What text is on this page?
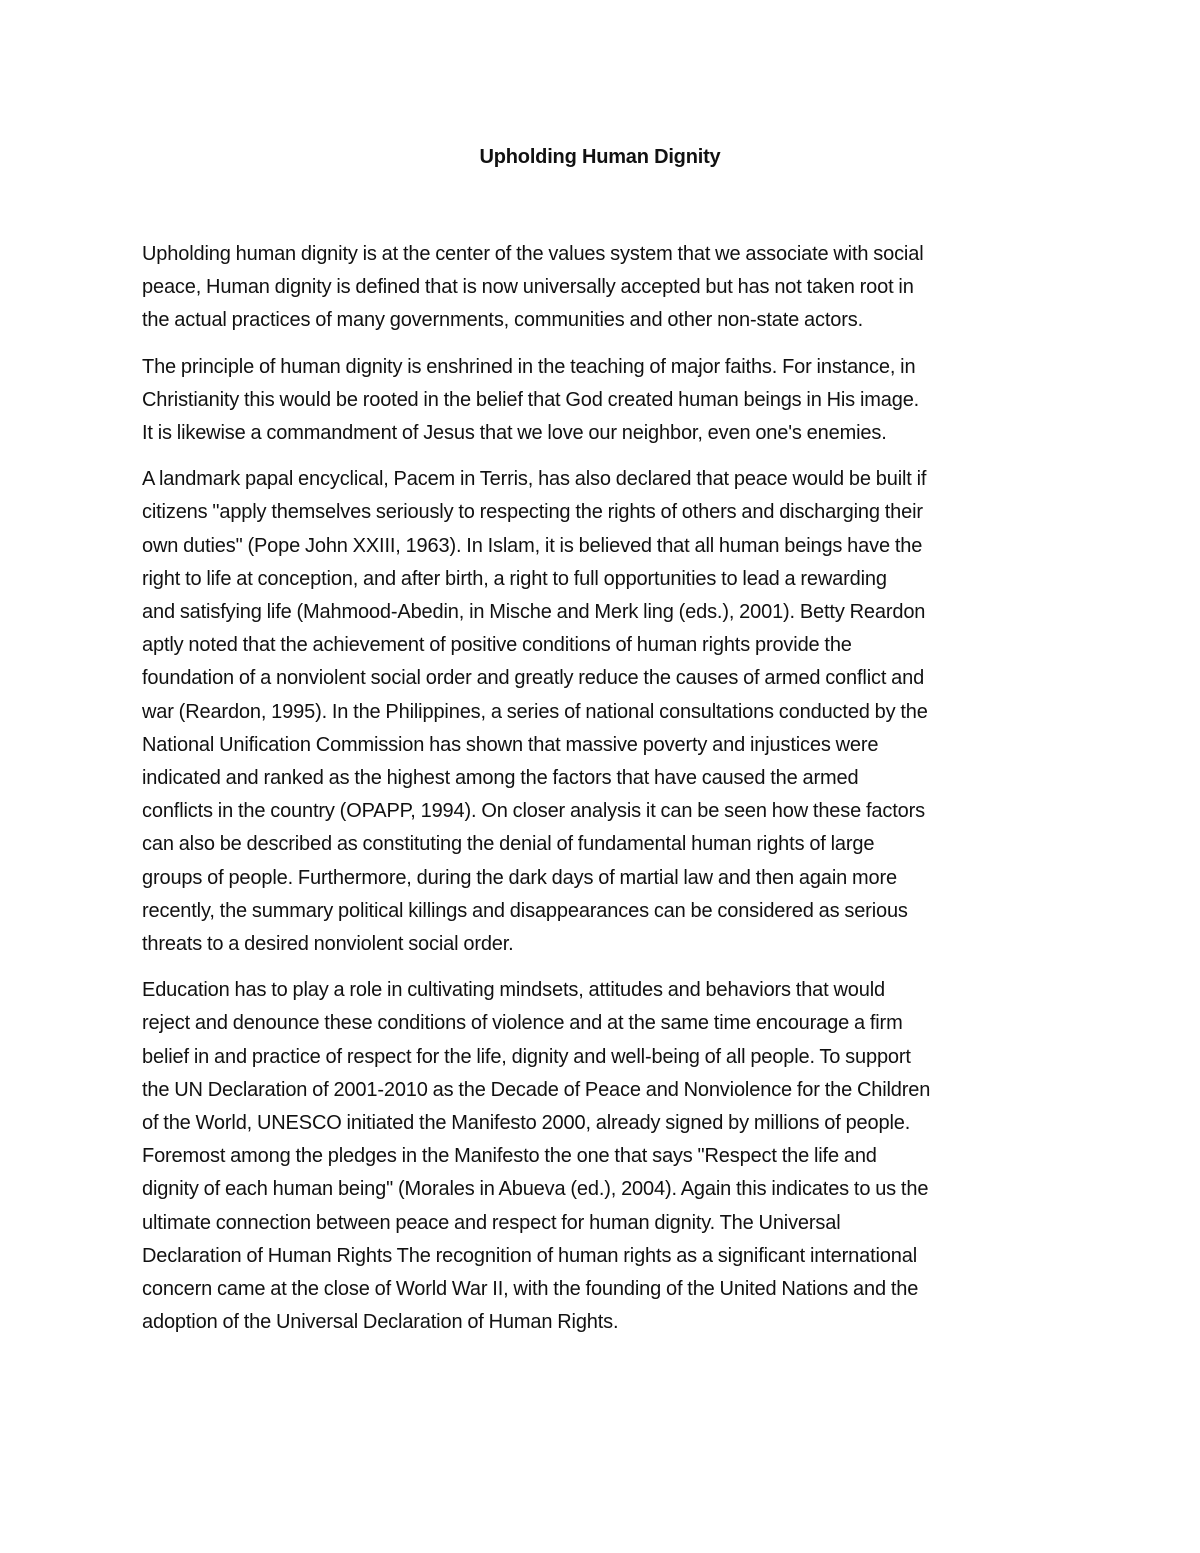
Upholding Human Dignity

Upholding human dignity is at the center of the values system that we associate with social
peace, Human dignity is defined that is now universally accepted but has not taken root in
the actual practices of many governments, communities and other non-state actors.

The principle of human dignity is enshrined in the teaching of major faiths. For instance, in
Christianity this would be rooted in the belief that God created human beings in His image.
It is likewise a commandment of Jesus that we love our neighbor, even one's enemies.

A landmark papal encyclical, Pacem in Terris, has also declared that peace would be built if
citizens "apply themselves seriously to respecting the rights of others and discharging their
own duties" (Pope John XXIII, 1963). In Islam, it is believed that all human beings have the
right to life at conception, and after birth, a right to full opportunities to lead a rewarding
and satisfying life (Mahmood-Abedin, in Mische and Merk ling (eds.), 2001). Betty Reardon
aptly noted that the achievement of positive conditions of human rights provide the
foundation of a nonviolent social order and greatly reduce the causes of armed conflict and
war (Reardon, 1995). In the Philippines, a series of national consultations conducted by the
National Unification Commission has shown that massive poverty and injustices were
indicated and ranked as the highest among the factors that have caused the armed
conflicts in the country (OPAPP, 1994). On closer analysis it can be seen how these factors
can also be described as constituting the denial of fundamental human rights of large
groups of people. Furthermore, during the dark days of martial law and then again more
recently, the summary political killings and disappearances can be considered as serious
threats to a desired nonviolent social order.

Education has to play a role in cultivating mindsets, attitudes and behaviors that would
reject and denounce these conditions of violence and at the same time encourage a firm
belief in and practice of respect for the life, dignity and well-being of all people. To support
the UN Declaration of 2001-2010 as the Decade of Peace and Nonviolence for the Children
of the World, UNESCO initiated the Manifesto 2000, already signed by millions of people.
Foremost among the pledges in the Manifesto the one that says "Respect the life and
dignity of each human being" (Morales in Abueva (ed.), 2004). Again this indicates to us the
ultimate connection between peace and respect for human dignity. The Universal
Declaration of Human Rights The recognition of human rights as a significant international
concern came at the close of World War II, with the founding of the United Nations and the
adoption of the Universal Declaration of Human Rights.
